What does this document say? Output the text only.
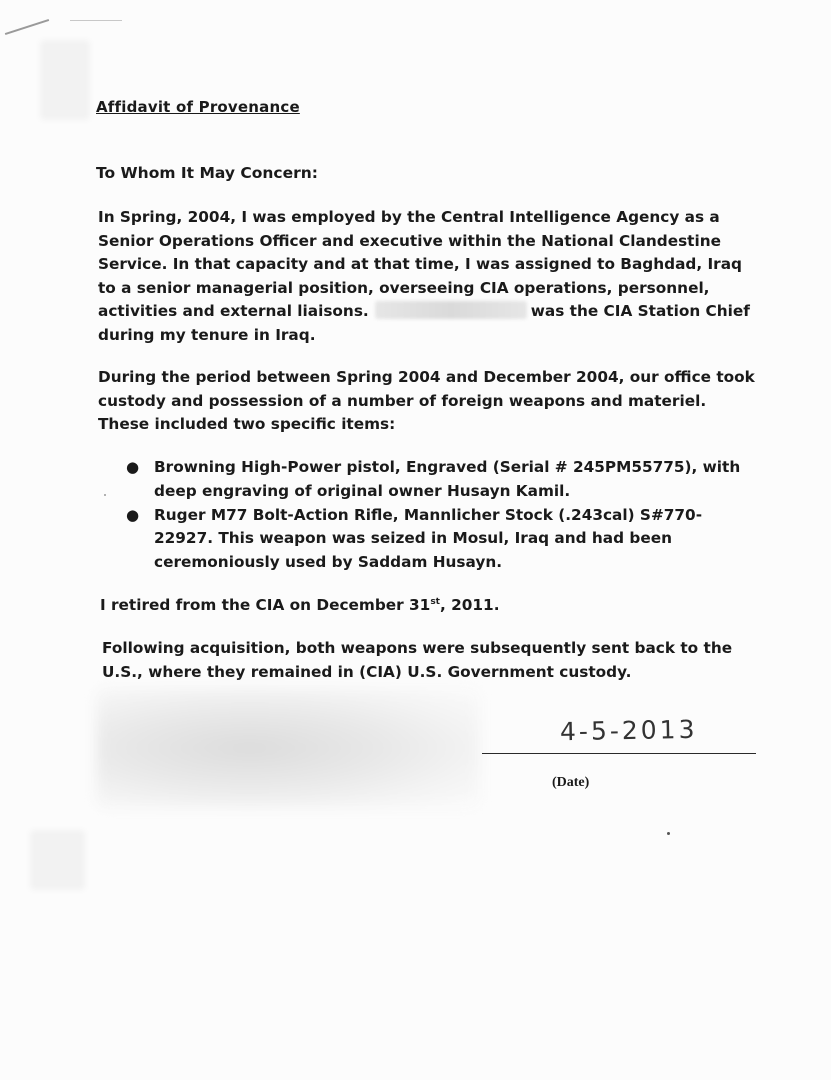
Affidavit of Provenance
To Whom It May Concern:
In Spring, 2004, I was employed by the Central Intelligence Agency as a Senior Operations Officer and executive within the National Clandestine Service. In that capacity and at that time, I was assigned to Baghdad, Iraq to a senior managerial position, overseeing CIA operations, personnel, activities and external liaisons.	was the CIA Station Chief during my tenure in Iraq.
During the period between Spring 2004 and December 2004, our office took custody and possession of a number of foreign weapons and materiel. These included two specific items:
● Browning High-Power pistol, Engraved (Serial # 245PM55775), with deep engraving of original owner Husayn Kamil.
● Ruger M77 Bolt-Action Rifle, Mannlicher Stock (.243cal) S#770-22927. This weapon was seized in Mosul, Iraq and had been ceremoniously used by Saddam Husayn.
I retired from the CIA on December 31st, 2011.
Following acquisition, both weapons were subsequently sent back to the U.S., where they remained in (CIA) U.S. Government custody.
4-5-2013
(Date)
